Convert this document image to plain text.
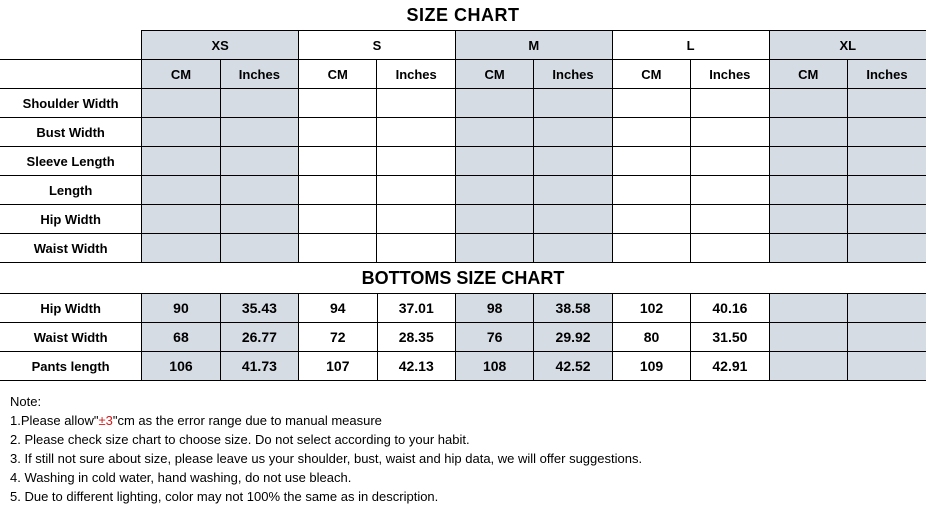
SIZE CHART
	XS		S		M		L		XL	
	CM	Inches	CM	Inches	CM	Inches	CM	Inches	CM	Inches
Shoulder Width										
Bust Width										
Sleeve Length										
Length										
Hip Width										
Waist Width										
BOTTOMS SIZE CHART
Hip Width	90	35.43	94	37.01	98	38.58	102	40.16		
Waist Width	68	26.77	72	28.35	76	29.92	80	31.50		
Pants length	106	41.73	107	42.13	108	42.52	109	42.91		
Note:
1.Please allow"±3"cm as the error range due to manual measure
2. Please check size chart to choose size. Do not select according to your habit.
3. If still not sure about size, please leave us your shoulder, bust, waist and hip data, we will offer suggestions.
4. Washing in cold water, hand washing, do not use bleach.
5. Due to different lighting, color may not 100% the same as in description.
